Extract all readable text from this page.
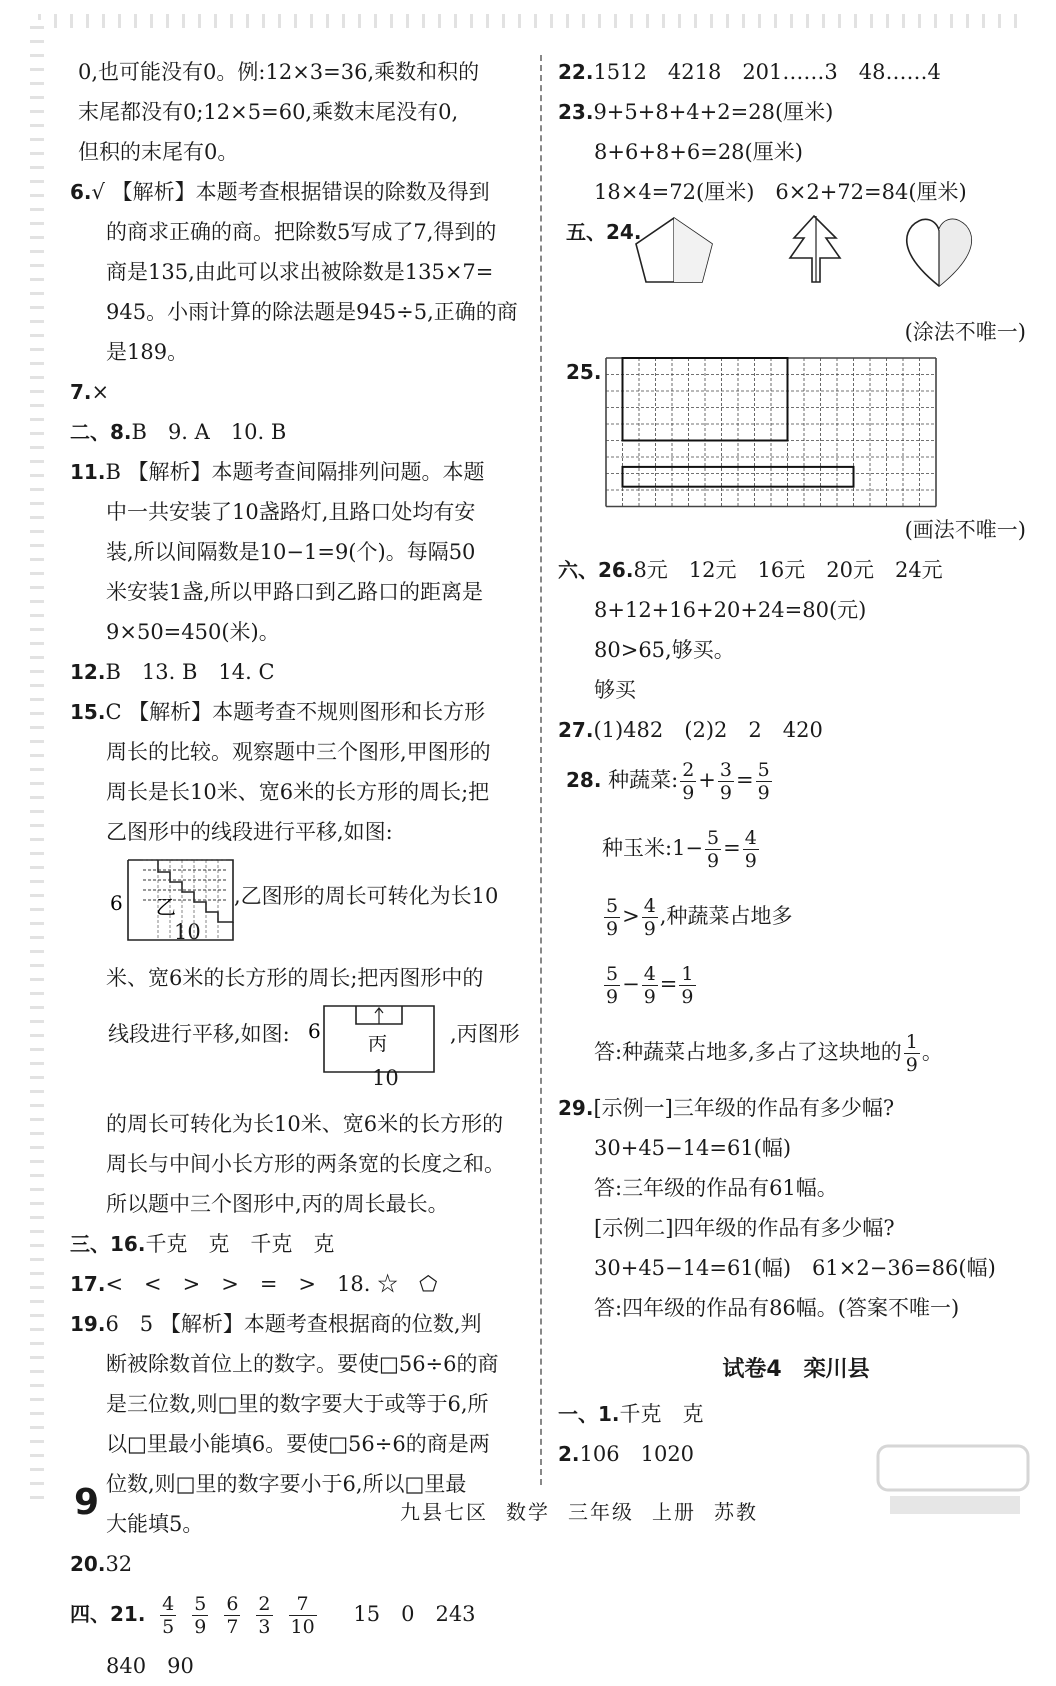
0,也可能没有0。例:12×3=36,乘数和积的
末尾都没有0;12×5=60,乘数末尾没有0,
但积的末尾有0。
6.√ 【解析】本题考查根据错误的除数及得到
的商求正确的商。把除数5写成了7,得到的
商是135,由此可以求出被除数是135×7=
945。小雨计算的除法题是945÷5,正确的商
是189。
7.×
二、8.B　9. A　10. B
11.B 【解析】本题考查间隔排列问题。本题
中一共安装了10盏路灯,且路口处均有安
装,所以间隔数是10−1=9(个)。每隔50
米安装1盏,所以甲路口到乙路口的距离是
9×50=450(米)。
12.B　13. B　14. C
15.C 【解析】本题考查不规则图形和长方形
周长的比较。观察题中三个图形,甲图形的
周长是长10米、宽6米的长方形的周长;把
乙图形中的线段进行平移,如图:
6 乙	,乙图形的周长可转化为长10
10
米、宽6米的长方形的周长;把丙图形中的
线段进行平移,如图: 6
丙	,丙图形
10
的周长可转化为长10米、宽6米的长方形的
周长与中间小长方形的两条宽的长度之和。
所以题中三个图形中,丙的周长最长。
三、16.千克　克　千克　克
17.<　<　>　>　=　>　18. ☆　⬠
19.6　5 【解析】本题考查根据商的位数,判
断被除数首位上的数字。要使□56÷6的商
是三位数,则□里的数字要大于或等于6,所
以□里最小能填6。要使□56÷6的商是两
位数,则□里的数字要小于6,所以□里最
大能填5。
20.32
四、21. $\frac{4}{5} \frac{5}{9} \frac{6}{7} \frac{2}{3} \frac{7}{10} 15$　0　243
840　90
22.1512　4218　201……3　48……4
23.9+5+8+4+2=28(厘米)
8+6+8+6=28(厘米)
18×4=72(厘米)　6×2+72=84(厘米)
五、24.
(涂法不唯一)
25.
(画法不唯一)
六、26.8元　12元　16元　20元　24元
8+12+16+20+24=80(元)
80>65,够买。
够买
27.(1)482　(2)2　2　420
28. 种蔬菜: $\frac{2}{9} + \frac{3}{9} = \frac{5}{9}$
种玉米:1− $\frac{5}{9} = \frac{4}{9}$
$\frac{5}{9} > \frac{4}{9}$ ,种蔬菜占地多
$\frac{5}{9} - \frac{4}{9} = \frac{1}{9}$
答:种蔬菜占地多,多占了这块地的 $\frac{1}{9}$ 。
29.[示例一]三年级的作品有多少幅?
30+45−14=61(幅)
答:三年级的作品有61幅。
[示例二]四年级的作品有多少幅?
30+45−14=61(幅)　61×2−36=86(幅)
答:四年级的作品有86幅。(答案不唯一)
试卷4　栾川县
一、1.千克　克
2.106　1020
9	九县七区 数学 三年级 上册 苏教
